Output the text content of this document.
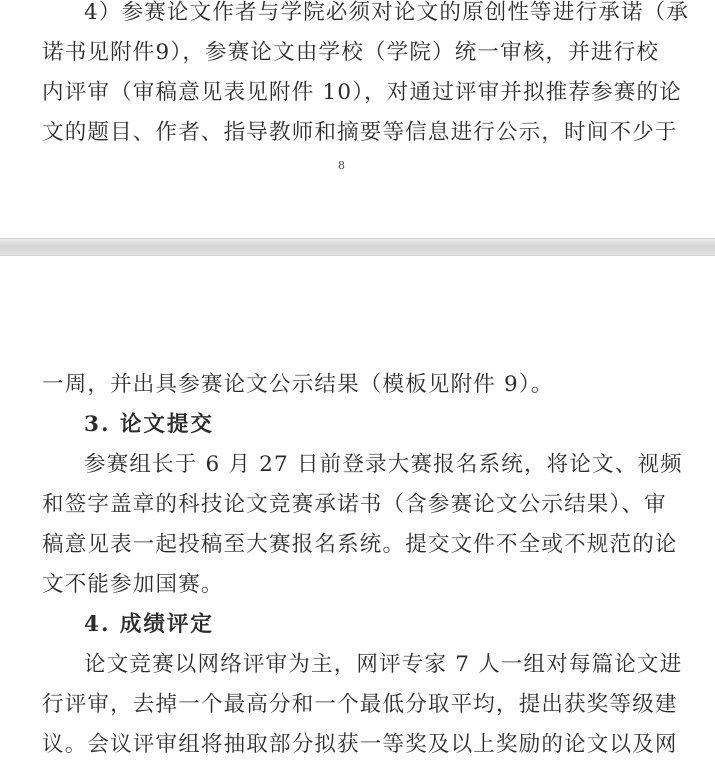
4）参赛论文作者与学院必须对论文的原创性等进行承诺（承
诺书见附件9），参赛论文由学校（学院）统一审核，并进行校
内评审（审稿意见表见附件 10），对通过评审并拟推荐参赛的论
文的题目、作者、指导教师和摘要等信息进行公示，时间不少于
8
一周，并出具参赛论文公示结果（模板见附件 9）。
3. 论文提交
参赛组长于 6 月 27 日前登录大赛报名系统，将论文、视频
和签字盖章的科技论文竞赛承诺书（含参赛论文公示结果）、审
稿意见表一起投稿至大赛报名系统。提交文件不全或不规范的论
文不能参加国赛。
4. 成绩评定
论文竞赛以网络评审为主，网评专家 7 人一组对每篇论文进
行评审，去掉一个最高分和一个最低分取平均，提出获奖等级建
议。会议评审组将抽取部分拟获一等奖及以上奖励的论文以及网
